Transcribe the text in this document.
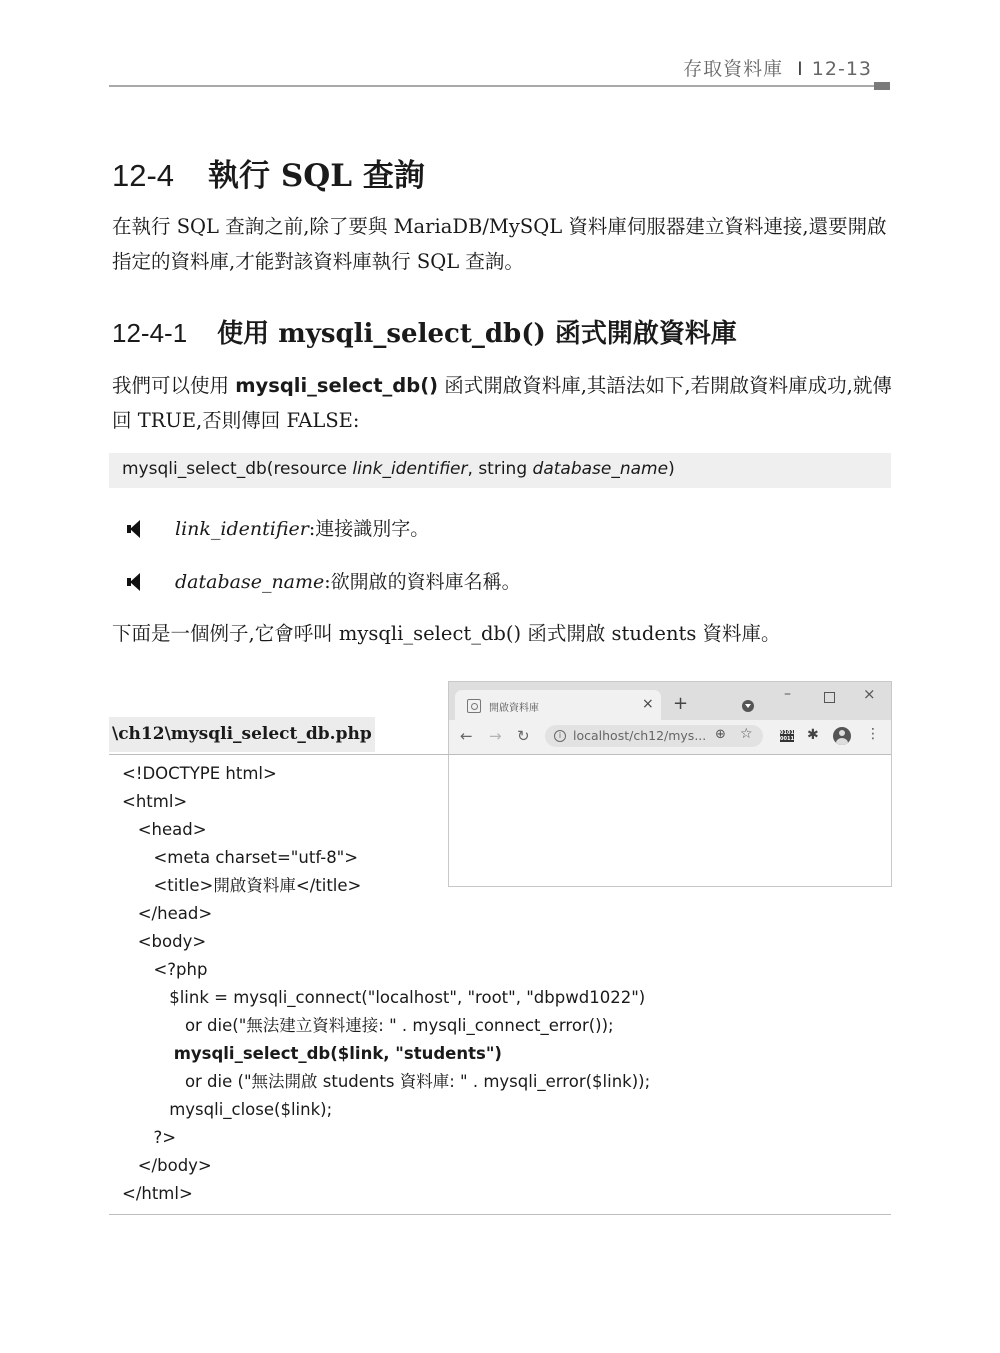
存取資料庫 I 12-13
12-4 執行 SQL 查詢
在執行 SQL 查詢之前,除了要與 MariaDB/MySQL 資料庫伺服器建立資料連接,還要開啟指定的資料庫,才能對該資料庫執行 SQL 查詢。
12-4-1 使用 mysqli_select_db() 函式開啟資料庫
我們可以使用 mysqli_select_db() 函式開啟資料庫,其語法如下,若開啟資料庫成功,就傳回 TRUE,否則傳回 FALSE:
mysqli_select_db(resource link_identifier, string database_name)
link_identifier:連接識別字。
database_name:欲開啟的資料庫名稱。
下面是一個例子,它會呼叫 mysqli_select_db() 函式開啟 students 資料庫。
開啟資料庫	× +	–	×
← → ↻	i localhost/ch12/mys... ⊕ ☆	0101 0011 ✱	⋮
\ch12\mysqli_select_db.php
<!DOCTYPE html>
<html>
<head>
<meta charset="utf-8">
<title>開啟資料庫</title>
</head>
<body>
<?php
$link = mysqli_connect("localhost", "root", "dbpwd1022")
or die("無法建立資料連接: " . mysqli_connect_error());
mysqli_select_db($link, "students")
or die ("無法開啟 students 資料庫: " . mysqli_error($link));
mysqli_close($link);
?>
</body>
</html>
